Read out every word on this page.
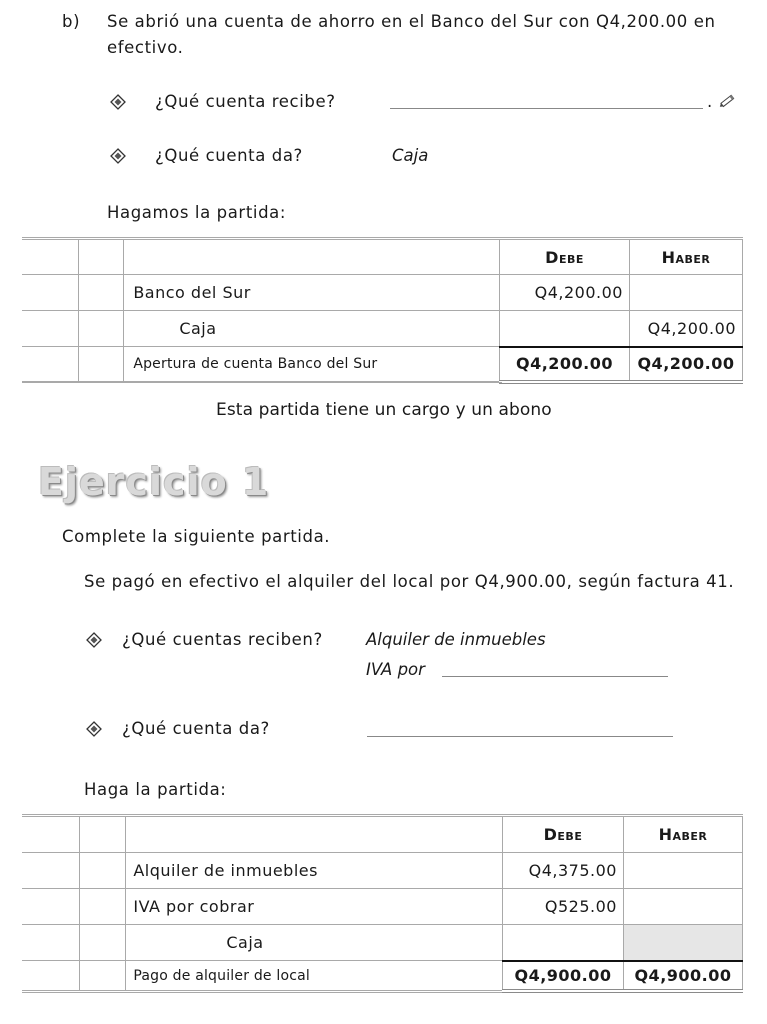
b) Se abrió una cuenta de ahorro en el Banco del Sur con Q4,200.00 en
efectivo.
¿Qué cuenta recibe?	.
¿Qué cuenta da?	Caja
Hagamos la partida:
			Debe	Haber
		Banco del Sur	Q4,200.00	
		Caja		Q4,200.00
		Apertura de cuenta Banco del Sur	Q4,200.00	Q4,200.00
Esta partida tiene un cargo y un abono
Ejercicio 1
Complete la siguiente partida.
Se pagó en efectivo el alquiler del local por Q4,900.00, según factura 41.
¿Qué cuentas reciben?	Alquiler de inmuebles
IVA por
¿Qué cuenta da?
Haga la partida:
			Debe	Haber
		Alquiler de inmuebles	Q4,375.00	
		IVA por cobrar	Q525.00	
		Caja		
		Pago de alquiler de local	Q4,900.00	Q4,900.00
